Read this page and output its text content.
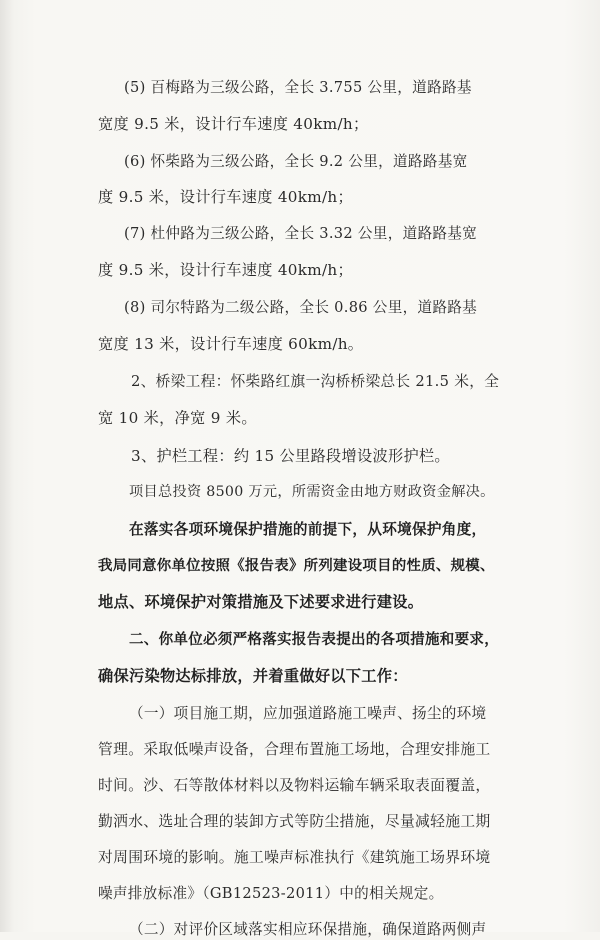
(5) 百梅路为三级公路，全长 3.755 公里，道路路基
宽度 9.5 米，设计行车速度 40km/h；
(6) 怀柴路为三级公路，全长 9.2 公里，道路路基宽
度 9.5 米，设计行车速度 40km/h；
(7) 杜仲路为三级公路，全长 3.32 公里，道路路基宽
度 9.5 米，设计行车速度 40km/h；
(8) 司尔特路为二级公路，全长 0.86 公里，道路路基
宽度 13 米，设计行车速度 60km/h。
2、桥梁工程：怀柴路红旗一沟桥桥梁总长 21.5 米，全
宽 10 米，净宽 9 米。
3、护栏工程：约 15 公里路段增设波形护栏。
项目总投资 8500 万元，所需资金由地方财政资金解决。
在落实各项环境保护措施的前提下，从环境保护角度，
我局同意你单位按照《报告表》所列建设项目的性质、规模、
地点、环境保护对策措施及下述要求进行建设。
二、你单位必须严格落实报告表提出的各项措施和要求，
确保污染物达标排放，并着重做好以下工作：
（一）项目施工期，应加强道路施工噪声、扬尘的环境
管理。采取低噪声设备，合理布置施工场地，合理安排施工
时间。沙、石等散体材料以及物料运输车辆采取表面覆盖，
勤洒水、选址合理的装卸方式等防尘措施，尽量减轻施工期
对周围环境的影响。施工噪声标准执行《建筑施工场界环境
噪声排放标准》（GB12523-2011）中的相关规定。
（二）对评价区域落实相应环保措施，确保道路两侧声
